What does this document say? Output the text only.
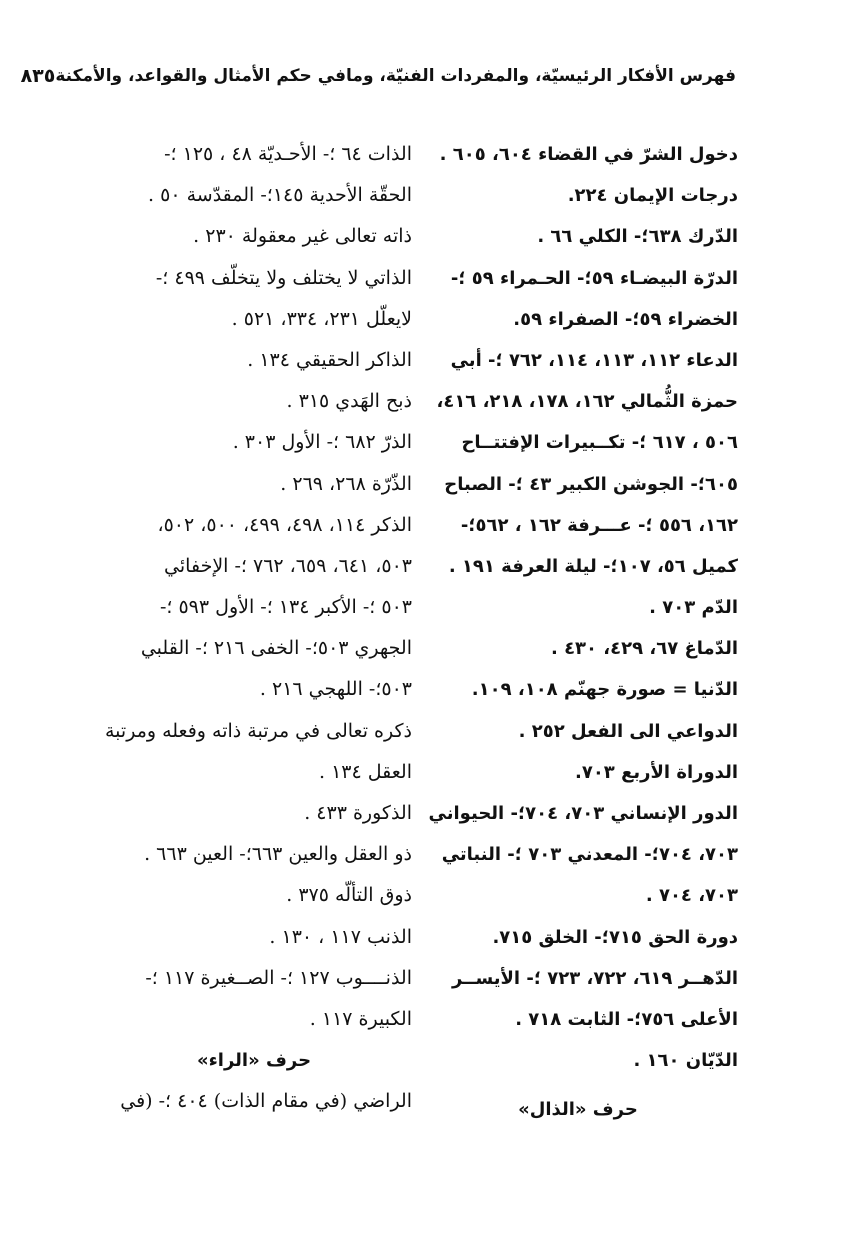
فهرس الأفكار الرئيسيّة، والمفردات الفنيّة، ومافي حكم الأمثال والقواعد، والأمكنة
٨٣٥
دخول الشرّ في القضاء ٦٠٤، ٦٠٥ .
درجات الإيمان ٢٢٤.
الدّرك ٦٣٨؛- الكلي ٦٦ .
الدرّة البيضـاء ٥٩؛- الحـمراء ٥٩ ؛-
الخضراء ٥٩؛- الصفراء ٥٩.
الدعاء ١١٢، ١١٣، ١١٤، ٧٦٢ ؛- أبي
حمزة الثُّمالي ١٦٢، ١٧٨، ٢١٨، ٤١٦،
٥٠٦ ، ٦١٧ ؛- تكــبيرات الإفتتــاح
٦٠٥؛- الجوشن الكبير ٤٣ ؛- الصباح
١٦٢، ٥٥٦ ؛- عـــرفة ١٦٢ ، ٥٦٢؛-
كميل ٥٦، ١٠٧؛- ليلة العرفة ١٩١ .
الدّم ٧٠٣ .
الدّماغ ٦٧، ٤٢٩، ٤٣٠ .
الدّنيا = صورة جهنّم ١٠٨، ١٠٩.
الدواعي الى الفعل ٢٥٢ .
الدوراة الأربع ٧٠٣.
الدور الإنساني ٧٠٣، ٧٠٤؛- الحيواني
٧٠٣، ٧٠٤؛- المعدني ٧٠٣ ؛- النباتي
٧٠٣، ٧٠٤ .
دورة الحق ٧١٥؛- الخلق ٧١٥.
الدّهــر ٦١٩، ٧٢٢، ٧٢٣ ؛- الأيســر
الأعلى ٧٥٦؛- الثابت ٧١٨ .
الدّيّان ١٦٠ .
حرف «الذال»
الذات ٦٤ ؛- الأحـديّة ٤٨ ، ١٢٥ ؛-
الحقّة الأحدية ١٤٥؛- المقدّسة ٥٠ .
ذاته تعالى غير معقولة ٢٣٠ .
الذاتي لا يختلف ولا يتخلّف ٤٩٩ ؛-
لايعلّل ٢٣١، ٣٣٤، ٥٢١ .
الذاكر الحقيقي ١٣٤ .
ذبح الهَدي ٣١٥ .
الذرّ ٦٨٢ ؛- الأول ٣٠٣ .
الذّرّة ٢٦٨، ٢٦٩ .
الذكر ١١٤، ٤٩٨، ٤٩٩، ٥٠٠، ٥٠٢،
٥٠٣، ٦٤١، ٦٥٩، ٧٦٢ ؛- الإخفائي
٥٠٣ ؛- الأكبر ١٣٤ ؛- الأول ٥٩٣ ؛-
الجهري ٥٠٣؛- الخفى ٢١٦ ؛- القلبي
٥٠٣؛- اللهجي ٢١٦ .
ذكره تعالى في مرتبة ذاته وفعله ومرتبة
العقل ١٣٤ .
الذكورة ٤٣٣ .
ذو العقل والعين ٦٦٣؛- العين ٦٦٣ .
ذوق التألّه ٣٧٥ .
الذنب ١١٧ ، ١٣٠ .
الذنــــوب ١٢٧ ؛- الصــغيرة ١١٧ ؛-
الكبيرة ١١٧ .
حرف «الراء»
الراضي (في مقام الذات) ٤٠٤ ؛- (في
